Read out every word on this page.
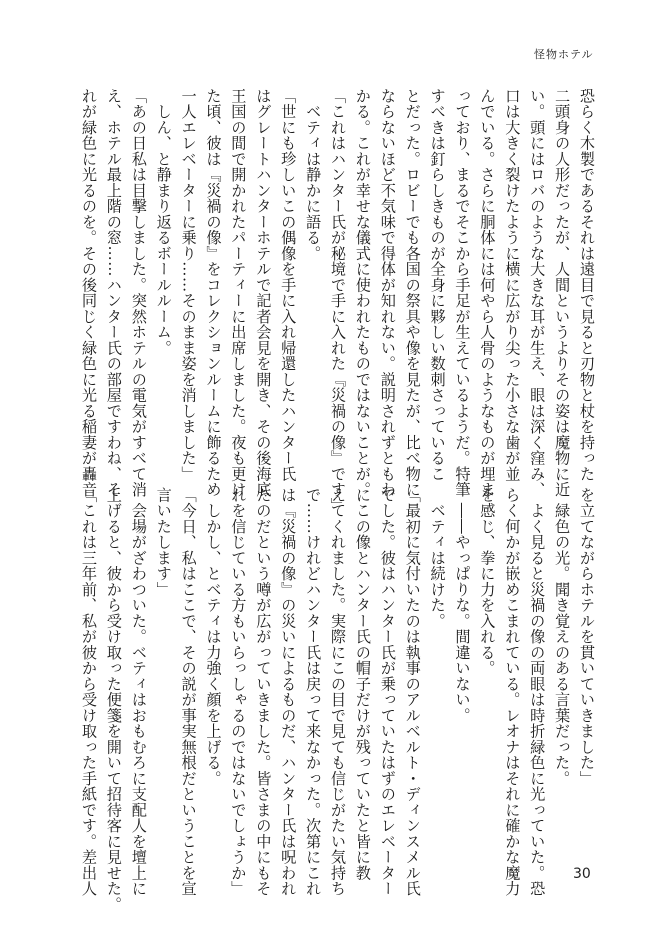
怪物ホテル
恐らく木製であるそれは遠目で見ると刃物と杖を持った
二頭身の人形だったが、人間というよりその姿は魔物に近
い。頭にはロバのような大きな耳が生え、眼は深く窪み、
口は大きく裂けたように横に広がり尖った小さな歯が並
んでいる。さらに胴体には何やら人骨のようなものが埋ま
っており、まるでそこから手足が生えているようだ。特筆
すべきは釘らしきものが全身に夥しい数刺さっているこ
とだった。ロビーでも各国の祭具や像を見たが、比べ物に
ならないほど不気味で得体が知れない。説明されずともわ
かる。これが幸せな儀式に使われたものではないことが。
「これはハンター氏が秘境で手に入れた『災禍の像』です」
　ベティは静かに語る。
「世にも珍しいこの偶像を手に入れ帰還したハンター氏
はグレートハンターホテルで記者会見を開き、その後海底
王国の間で開かれたパーティーに出席しました。夜も更け
た頃、彼は『災禍の像』をコレクションルームに飾るため
一人エレベーターに乗り……そのまま姿を消しました」
　しん、と静まり返るボールルーム。
「あの日私は目撃しました。突然ホテルの電気がすべて消
え、ホテル最上階の窓……ハンター氏の部屋ですわね、そ
れが緑色に光るのを。その後同じく緑色に光る稲妻が轟音
を立てながらホテルを貫いていきました」
　緑色の光。聞き覚えのある言葉だった。
　よく見ると災禍の像の両眼は時折緑色に光っていた。恐
らく何かが嵌めこまれている。レオナはそれに確かな魔力
を感じ、拳に力を入れる。
　――やっぱりな。間違いない。
　ベティは続けた。
「最初に気付いたのは執事のアルベルト・ディンスメル氏
でした。彼はハンター氏が乗っていたはずのエレベーター
にこの像とハンター氏の帽子だけが残っていたと皆に教
えてくれました。実際にこの目で見ても信じがたい気持ち
で……けれどハンター氏は戻って来なかった。次第にこれ
は『災禍の像』の災いによるものだ、ハンター氏は呪われ
たのだという噂が広がっていきました。皆さまの中にもそ
れを信じている方もいらっしゃるのではないでしょうか」
　しかし、とベティは力強く顔を上げる。
「今日、私はここで、その説が事実無根だということを宣
言いたします」
　会場がざわついた。ベティはおもむろに支配人を壇上に
上げると、彼から受け取った便箋を開いて招待客に見せた。
「これは三年前、私が彼から受け取った手紙です。差出人	30
